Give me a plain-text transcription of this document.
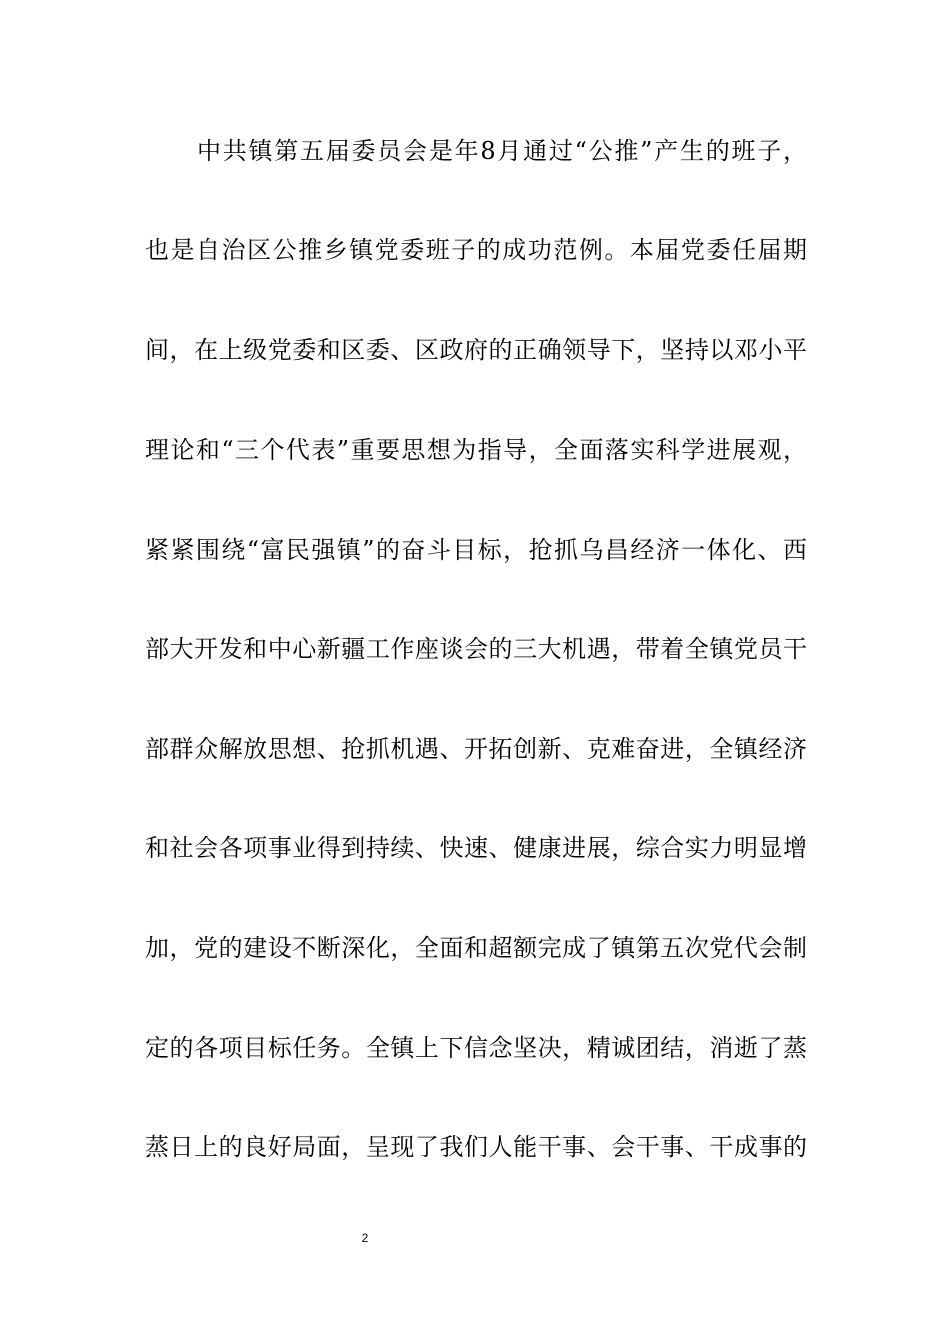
中共镇第五届委员会是年8月通过“公推”产生的班子，
也是自治区公推乡镇党委班子的成功范例。本届党委任届期
间，在上级党委和区委、区政府的正确领导下，坚持以邓小平
理论和“三个代表”重要思想为指导，全面落实科学进展观，
紧紧围绕“富民强镇”的奋斗目标，抢抓乌昌经济一体化、西
部大开发和中心新疆工作座谈会的三大机遇，带着全镇党员干
部群众解放思想、抢抓机遇、开拓创新、克难奋进，全镇经济
和社会各项事业得到持续、快速、健康进展，综合实力明显增
加，党的建设不断深化，全面和超额完成了镇第五次党代会制
定的各项目标任务。全镇上下信念坚决，精诚团结，消逝了蒸
蒸日上的良好局面，呈现了我们人能干事、会干事、干成事的
2
